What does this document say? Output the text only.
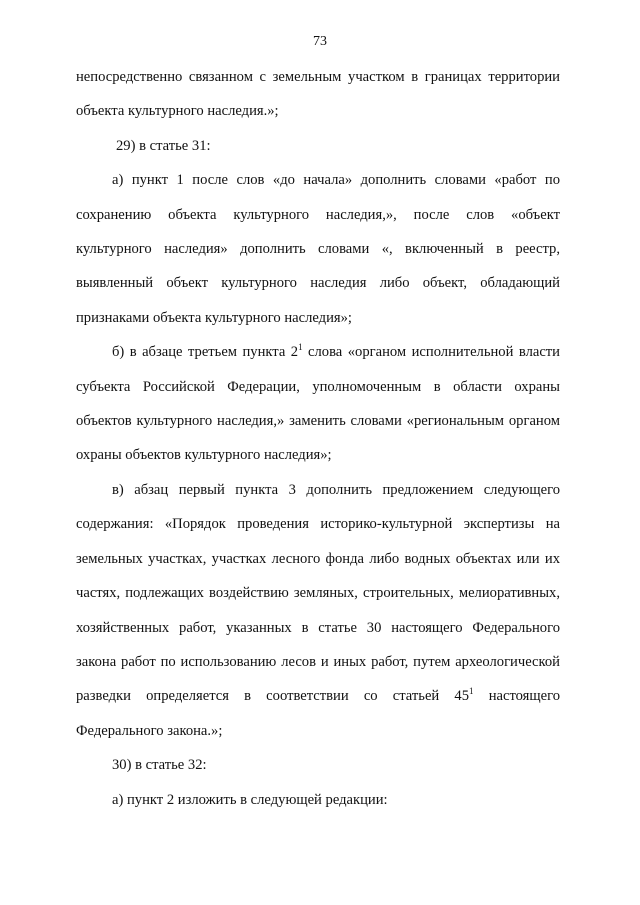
73

непосредственно связанном с земельным участком в границах территории объекта культурного наследия.»;

29) в статье 31:

а) пункт 1 после слов «до начала» дополнить словами «работ по сохранению объекта культурного наследия,», после слов «объект культурного наследия» дополнить словами «, включенный в реестр, выявленный объект культурного наследия либо объект, обладающий признаками объекта культурного наследия»;

б) в абзаце третьем пункта $2^1$ слова «органом исполнительной власти субъекта Российской Федерации, уполномоченным в области охраны объектов культурного наследия,» заменить словами «региональным органом охраны объектов культурного наследия»;

в) абзац первый пункта 3 дополнить предложением следующего содержания: «Порядок проведения историко-культурной экспертизы на земельных участках, участках лесного фонда либо водных объектах или их частях, подлежащих воздействию земляных, строительных, мелиоративных, хозяйственных работ, указанных в статье 30 настоящего Федерального закона работ по использованию лесов и иных работ, путем археологической разведки определяется в соответствии со статьей $45^1$ настоящего Федерального закона.»;

30) в статье 32:

а) пункт 2 изложить в следующей редакции:
